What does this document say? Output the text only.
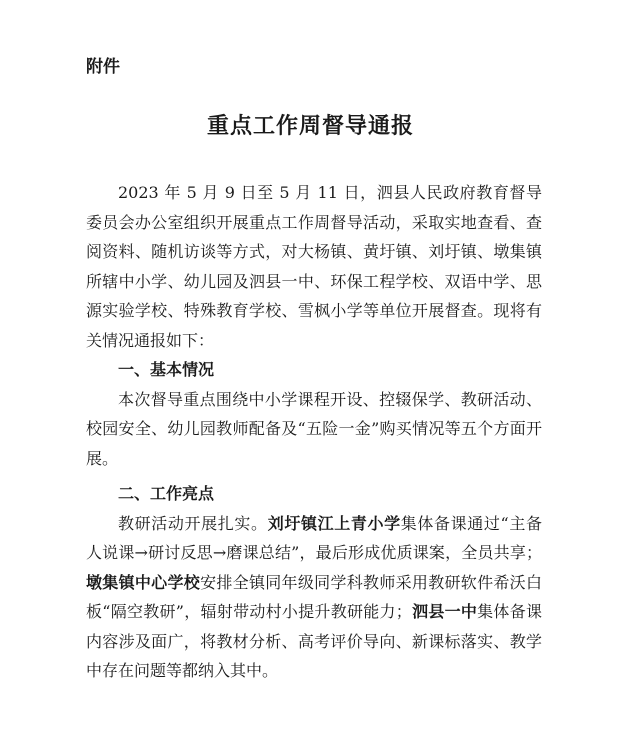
附件
重点工作周督导通报

2023 年 5 月 9 日至 5 月 11 日，泗县人民政府教育督导委员会办公室组织开展重点工作周督导活动，采取实地查看、查阅资料、随机访谈等方式，对大杨镇、黄圩镇、刘圩镇、墩集镇所辖中小学、幼儿园及泗县一中、环保工程学校、双语中学、思源实验学校、特殊教育学校、雪枫小学等单位开展督查。现将有关情况通报如下：

一、基本情况

本次督导重点围绕中小学课程开设、控辍保学、教研活动、校园安全、幼儿园教师配备及“五险一金”购买情况等五个方面开展。

二、工作亮点

教研活动开展扎实。刘圩镇江上青小学集体备课通过“主备人说课→研讨反思→磨课总结”，最后形成优质课案，全员共享；墩集镇中心学校安排全镇同年级同学科教师采用教研软件希沃白板“隔空教研”，辐射带动村小提升教研能力；泗县一中集体备课内容涉及面广，将教材分析、高考评价导向、新课标落实、教学中存在问题等都纳入其中。
